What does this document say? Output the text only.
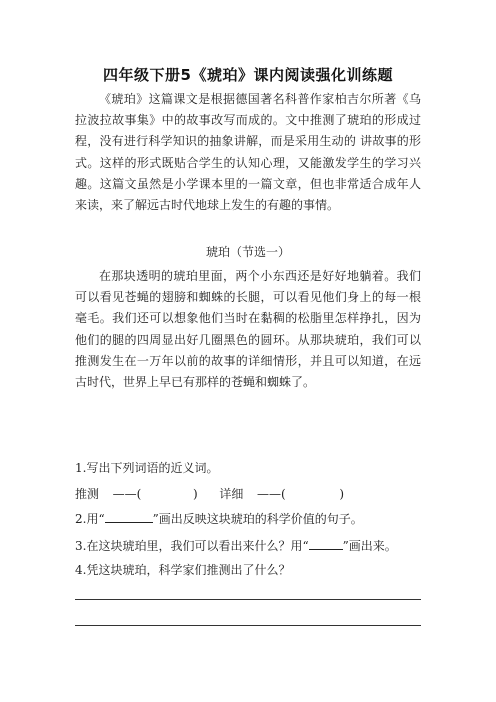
四年级下册5《琥珀》课内阅读强化训练题

《琥珀》这篇课文是根据德国著名科普作家柏吉尔所著《乌拉波拉故事集》中的故事改写而成的。文中推测了琥珀的形成过程，没有进行科学知识的抽象讲解，而是采用生动的 讲故事的形式。这样的形式既贴合学生的认知心理，又能激发学生的学习兴趣。这篇文虽然是小学课本里的一篇文章，但也非常适合成年人来读，来了解远古时代地球上发生的有趣的事情。

琥珀（节选一）

在那块透明的琥珀里面，两个小东西还是好好地躺着。我们可以看见苍蝇的翅膀和蜘蛛的长腿，可以看见他们身上的每一根毫毛。我们还可以想象他们当时在黏稠的松脂里怎样挣扎，因为他们的腿的四周显出好几圈黑色的圆环。从那块琥珀，我们可以推测发生在一万年以前的故事的详细情形，并且可以知道，在远古时代，世界上早已有那样的苍蝇和蜘蛛了。

1.写出下列词语的近义词。

推测 ——(	) 详细 ——(	)

2.用“	”画出反映这块琥珀的科学价值的句子。

3.在这块琥珀里，我们可以看出来什么？用“	”画出来。

4.凭这块琥珀，科学家们推测出了什么？
